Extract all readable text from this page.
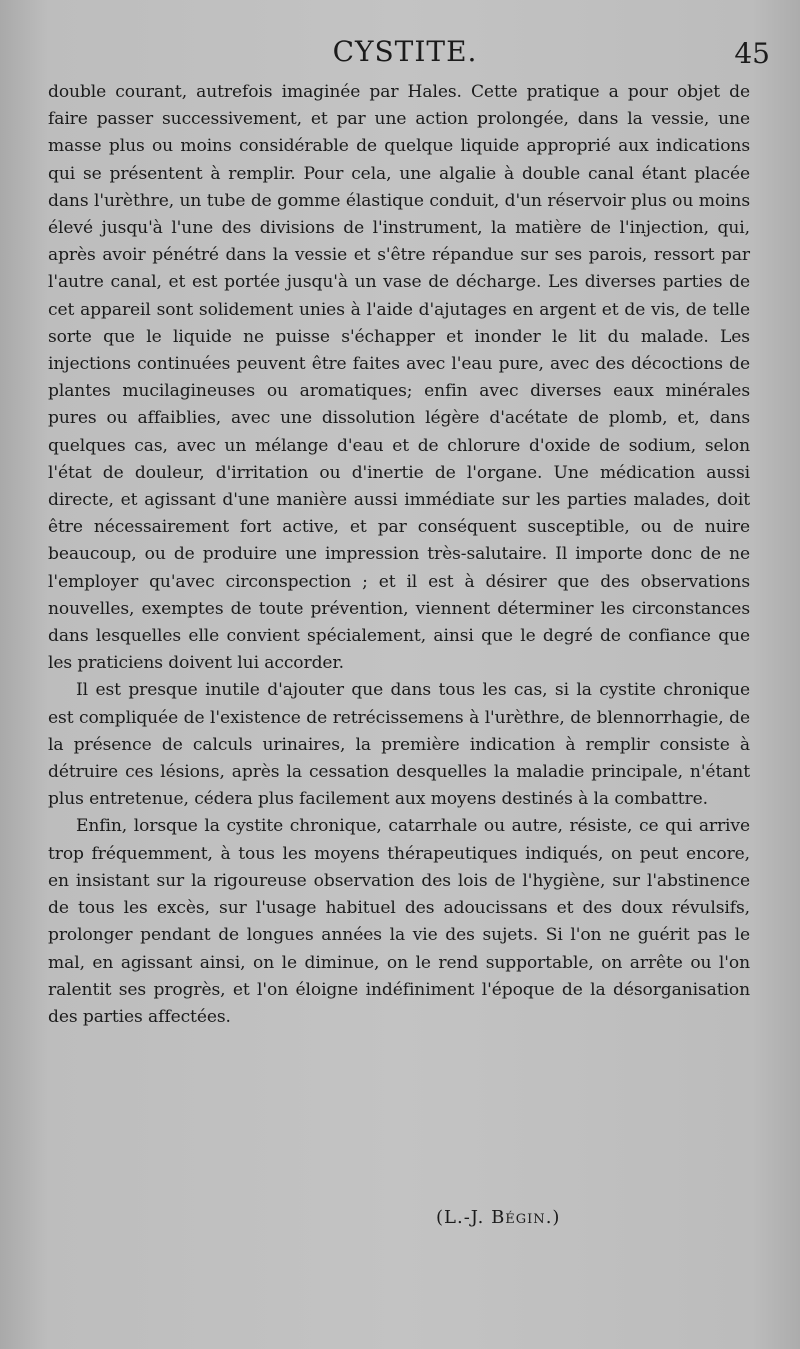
CYSTITE.	45

double courant, autrefois imaginée par Hales. Cette pratique a pour objet de faire passer successivement, et par une action prolongée, dans la vessie, une masse plus ou moins considérable de quelque liquide approprié aux indications qui se présentent à remplir. Pour cela, une algalie à double canal étant placée dans l'urèthre, un tube de gomme élastique conduit, d'un réservoir plus ou moins élevé jusqu'à l'une des divisions de l'instrument, la matière de l'injection, qui, après avoir pénétré dans la vessie et s'être répandue sur ses parois, ressort par l'autre canal, et est portée jusqu'à un vase de décharge. Les diverses parties de cet appareil sont solidement unies à l'aide d'ajutages en argent et de vis, de telle sorte que le liquide ne puisse s'échapper et inonder le lit du malade. Les injections continuées peuvent être faites avec l'eau pure, avec des décoctions de plantes mucilagineuses ou aromatiques; enfin avec diverses eaux minérales pures ou affaiblies, avec une dissolution légère d'acétate de plomb, et, dans quelques cas, avec un mélange d'eau et de chlorure d'oxide de sodium, selon l'état de douleur, d'irritation ou d'inertie de l'organe. Une médication aussi directe, et agissant d'une manière aussi immédiate sur les parties malades, doit être nécessairement fort active, et par conséquent susceptible, ou de nuire beaucoup, ou de produire une impression très-salutaire. Il importe donc de ne l'employer qu'avec circonspection ; et il est à désirer que des observations nouvelles, exemptes de toute prévention, viennent déterminer les circonstances dans lesquelles elle convient spécialement, ainsi que le degré de confiance que les praticiens doivent lui accorder.

Il est presque inutile d'ajouter que dans tous les cas, si la cystite chronique est compliquée de l'existence de retrécissemens à l'urèthre, de blennorrhagie, de la présence de calculs urinaires, la première indication à remplir consiste à détruire ces lésions, après la cessation desquelles la maladie principale, n'étant plus entretenue, cédera plus facilement aux moyens destinés à la combattre.

Enfin, lorsque la cystite chronique, catarrhale ou autre, résiste, ce qui arrive trop fréquemment, à tous les moyens thérapeutiques indiqués, on peut encore, en insistant sur la rigoureuse observation des lois de l'hygiène, sur l'abstinence de tous les excès, sur l'usage habituel des adoucissans et des doux révulsifs, prolonger pendant de longues années la vie des sujets. Si l'on ne guérit pas le mal, en agissant ainsi, on le diminue, on le rend supportable, on arrête ou l'on ralentit ses progrès, et l'on éloigne indéfiniment l'époque de la désorganisation des parties affectées.

(L.-J. Bégin.)
